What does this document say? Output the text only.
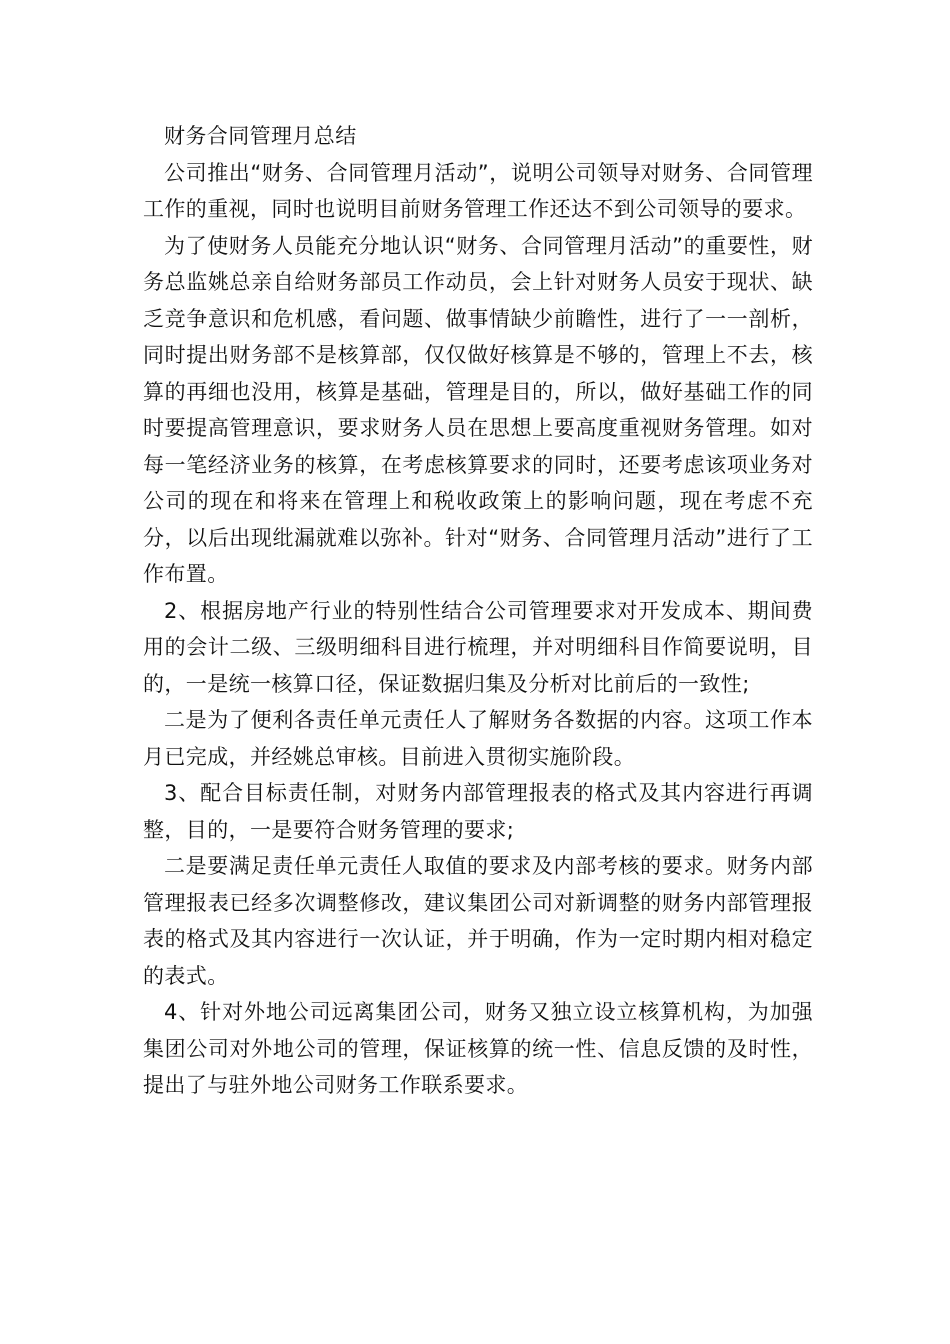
财务合同管理月总结

公司推出“财务、合同管理月活动”，说明公司领导对财务、合同管理工作的重视，同时也说明目前财务管理工作还达不到公司领导的要求。

为了使财务人员能充分地认识“财务、合同管理月活动”的重要性，财务总监姚总亲自给财务部员工作动员，会上针对财务人员安于现状、缺乏竞争意识和危机感，看问题、做事情缺少前瞻性，进行了一一剖析，同时提出财务部不是核算部，仅仅做好核算是不够的，管理上不去，核算的再细也没用，核算是基础，管理是目的，所以，做好基础工作的同时要提高管理意识，要求财务人员在思想上要高度重视财务管理。如对每一笔经济业务的核算，在考虑核算要求的同时，还要考虑该项业务对公司的现在和将来在管理上和税收政策上的影响问题，现在考虑不充分，以后出现纰漏就难以弥补。针对“财务、合同管理月活动”进行了工作布置。

2、根据房地产行业的特别性结合公司管理要求对开发成本、期间费用的会计二级、三级明细科目进行梳理，并对明细科目作简要说明，目的，一是统一核算口径，保证数据归集及分析对比前后的一致性;

二是为了便利各责任单元责任人了解财务各数据的内容。这项工作本月已完成，并经姚总审核。目前进入贯彻实施阶段。

3、配合目标责任制，对财务内部管理报表的格式及其内容进行再调整，目的，一是要符合财务管理的要求;

二是要满足责任单元责任人取值的要求及内部考核的要求。财务内部管理报表已经多次调整修改，建议集团公司对新调整的财务内部管理报表的格式及其内容进行一次认证，并于明确，作为一定时期内相对稳定的表式。

4、针对外地公司远离集团公司，财务又独立设立核算机构，为加强集团公司对外地公司的管理，保证核算的统一性、信息反馈的及时性，提出了与驻外地公司财务工作联系要求。
